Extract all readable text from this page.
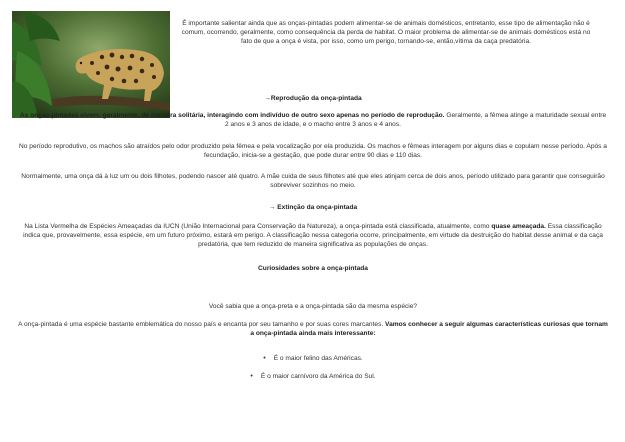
É importante salientar ainda que as onças-pintadas podem alimentar-se de animais domésticos, entretanto, esse tipo de alimentação não é comum, ocorrendo, geralmente, como consequência da perda de habitat. O maior problema de alimentar-se de animais domésticos está no fato de que a onça é vista, por isso, como um perigo, tornando-se, então,vítima da caça predatória.

→Reprodução da onça-pintada

As onças-pintadas vivem, geralmente, de maneira solitária, interagindo com indivíduo de outro sexo apenas no período de reprodução. Geralmente, a fêmea atinge a maturidade sexual entre 2 anos e 3 anos de idade, e o macho entre 3 anos e 4 anos.

No período reprodutivo, os machos são atraídos pelo odor produzido pela fêmea e pela vocalização por ela produzida. Os machos e fêmeas interagem por alguns dias e copulam nesse período. Após a fecundação, inicia-se a gestação, que pode durar entre 90 dias e 110 dias.

Normalmente, uma onça dá à luz um ou dois filhotes, podendo nascer até quatro. A mãe cuida de seus filhotes até que eles atinjam cerca de dois anos, período utilizado para garantir que conseguirão sobreviver sozinhos no meio.

→ Extinção da onça-pintada

Na Lista Vermelha de Espécies Ameaçadas da IUCN (União Internacional para Conservação da Natureza), a onça-pintada está classificada, atualmente, como quase ameaçada. Essa classificação indica que, provavelmente, essa espécie, em um futuro próximo, estará em perigo. A classificação nessa categoria ocorre, principalmente, em virtude da destruição do habitat desse animal e da caça predatória, que tem reduzido de maneira significativa as populações de onças.

Curiosidades sobre a onça-pintada

Você sabia que a onça-preta e a onça-pintada são da mesma espécie?

A onça-pintada é uma espécie bastante emblemática do nosso país e encanta por seu tamanho e por suas cores marcantes. Vamos conhecer a seguir algumas características curiosas que tornam a onça-pintada ainda mais interessante:

• É o maior felino das Américas.
• É o maior carnívoro da América do Sul.
